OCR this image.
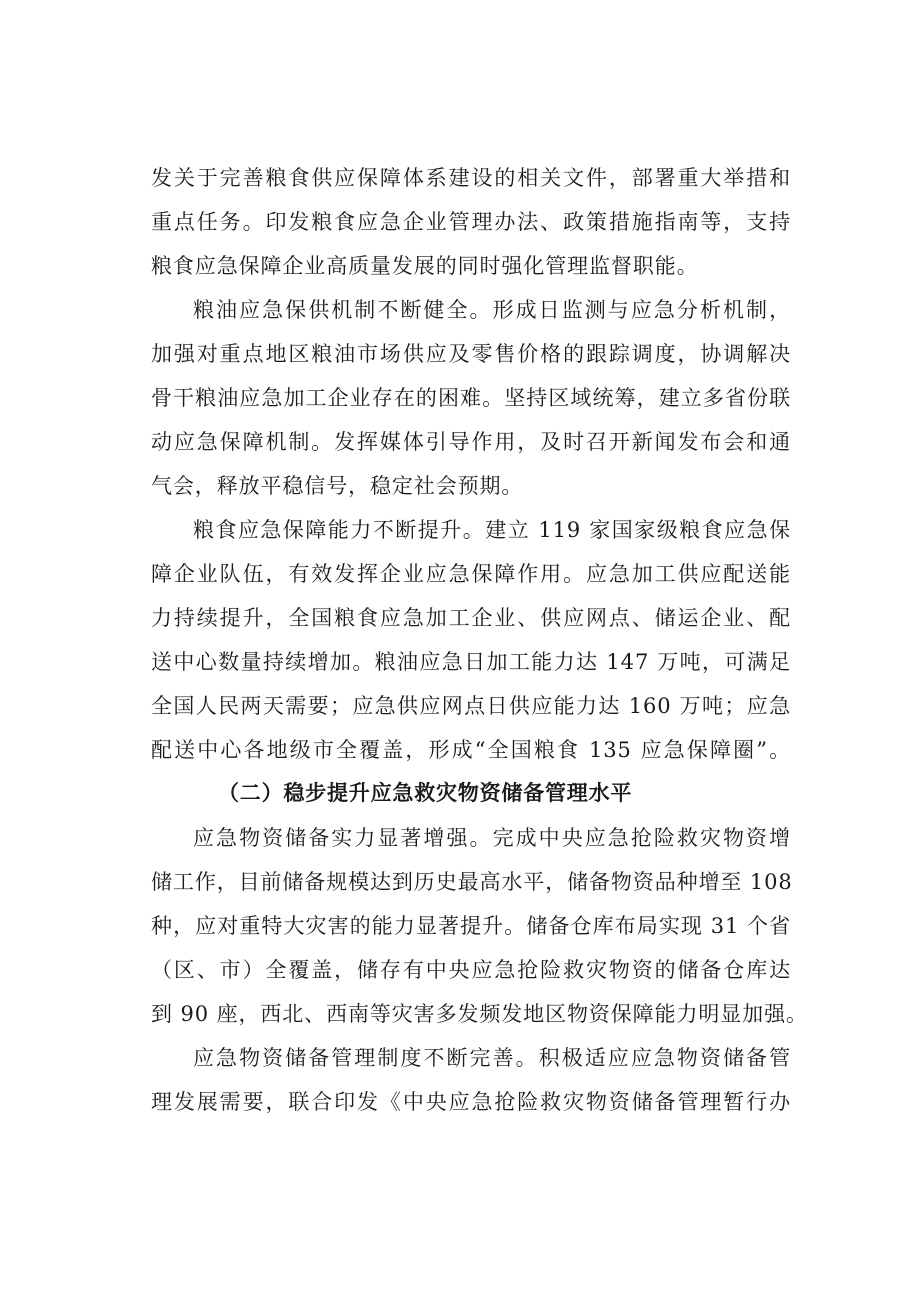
发关于完善粮食供应保障体系建设的相关文件，部署重大举措和
重点任务。印发粮食应急企业管理办法、政策措施指南等，支持
粮食应急保障企业高质量发展的同时强化管理监督职能。
粮油应急保供机制不断健全。形成日监测与应急分析机制，
加强对重点地区粮油市场供应及零售价格的跟踪调度，协调解决
骨干粮油应急加工企业存在的困难。坚持区域统筹，建立多省份联
动应急保障机制。发挥媒体引导作用，及时召开新闻发布会和通
气会，释放平稳信号，稳定社会预期。
粮食应急保障能力不断提升。建立 119 家国家级粮食应急保
障企业队伍，有效发挥企业应急保障作用。应急加工供应配送能
力持续提升，全国粮食应急加工企业、供应网点、储运企业、配
送中心数量持续增加。粮油应急日加工能力达 147 万吨，可满足
全国人民两天需要；应急供应网点日供应能力达 160 万吨；应急
配送中心各地级市全覆盖，形成“全国粮食 135 应急保障圈”。
（二）稳步提升应急救灾物资储备管理水平
应急物资储备实力显著增强。完成中央应急抢险救灾物资增
储工作，目前储备规模达到历史最高水平，储备物资品种增至 108
种，应对重特大灾害的能力显著提升。储备仓库布局实现 31 个省
（区、市）全覆盖，储存有中央应急抢险救灾物资的储备仓库达
到 90 座，西北、西南等灾害多发频发地区物资保障能力明显加强。
应急物资储备管理制度不断完善。积极适应应急物资储备管
理发展需要，联合印发《中央应急抢险救灾物资储备管理暂行办
